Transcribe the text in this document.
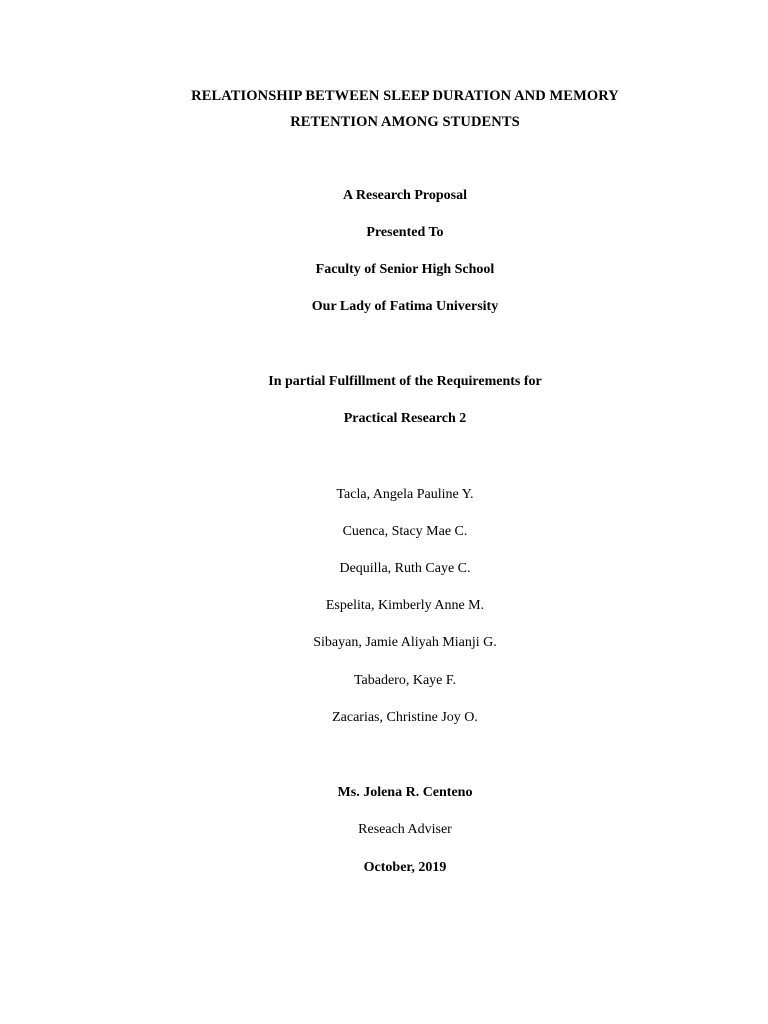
RELATIONSHIP BETWEEN SLEEP DURATION AND MEMORY
RETENTION AMONG STUDENTS
A Research Proposal
Presented To
Faculty of Senior High School
Our Lady of Fatima University
In partial Fulfillment of the Requirements for
Practical Research 2
Tacla, Angela Pauline Y.
Cuenca, Stacy Mae C.
Dequilla, Ruth Caye C.
Espelita, Kimberly Anne M.
Sibayan, Jamie Aliyah Mianji G.
Tabadero, Kaye F.
Zacarias, Christine Joy O.
Ms. Jolena R. Centeno
Reseach Adviser
October, 2019
